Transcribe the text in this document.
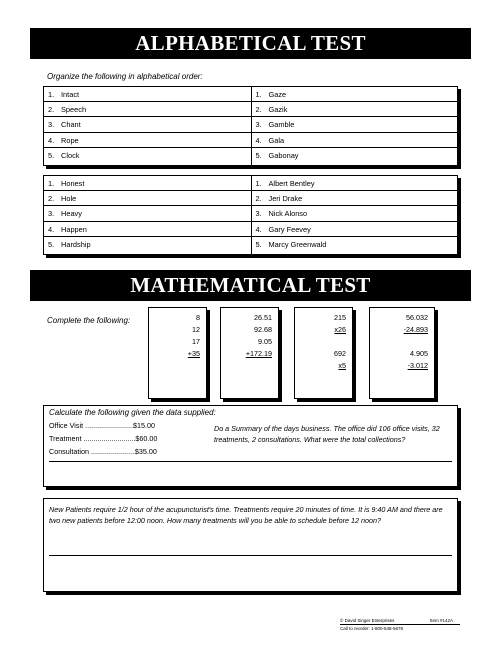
ALPHABETICAL TEST
Organize the following in alphabetical order:
1. Intact
2. Speech
3. Chant
4. Rope
5. Clock
1. Gaze
2. Gazik
3. Gamble
4. Gala
5. Gabonay
1. Honest
2. Hole
3. Heavy
4. Happen
5. Hardship
1. Albert Bentley
2. Jeri Drake
3. Nick Alonso
4. Gary Feevey
5. Marcy Greenwald
MATHEMATICAL TEST
Complete the following:	8
12
17
+35
26.51
92.68
9.05
+172.19
215
x26
692
x5
56.032
-24.893
4.905
-3.012
Calculate the following given the data supplied:
Office Visit ........................$15.00
Treatment ..........................$60.00
Consultation ......................$35.00
Do a Summary of the days business. The office did 106 office visits, 32 treatments, 2 consultations. What were the total collections?
New Patients require 1/2 hour of the acupuncturist's time. Treatments require 20 minutes of time. It is 9:40 AM and there are two new patients before 12:00 noon. How many treatments will you be able to schedule before 12 noon?
© David Singer Enterprises	Item #142A
Call to reorder: 1-800-548-5678
